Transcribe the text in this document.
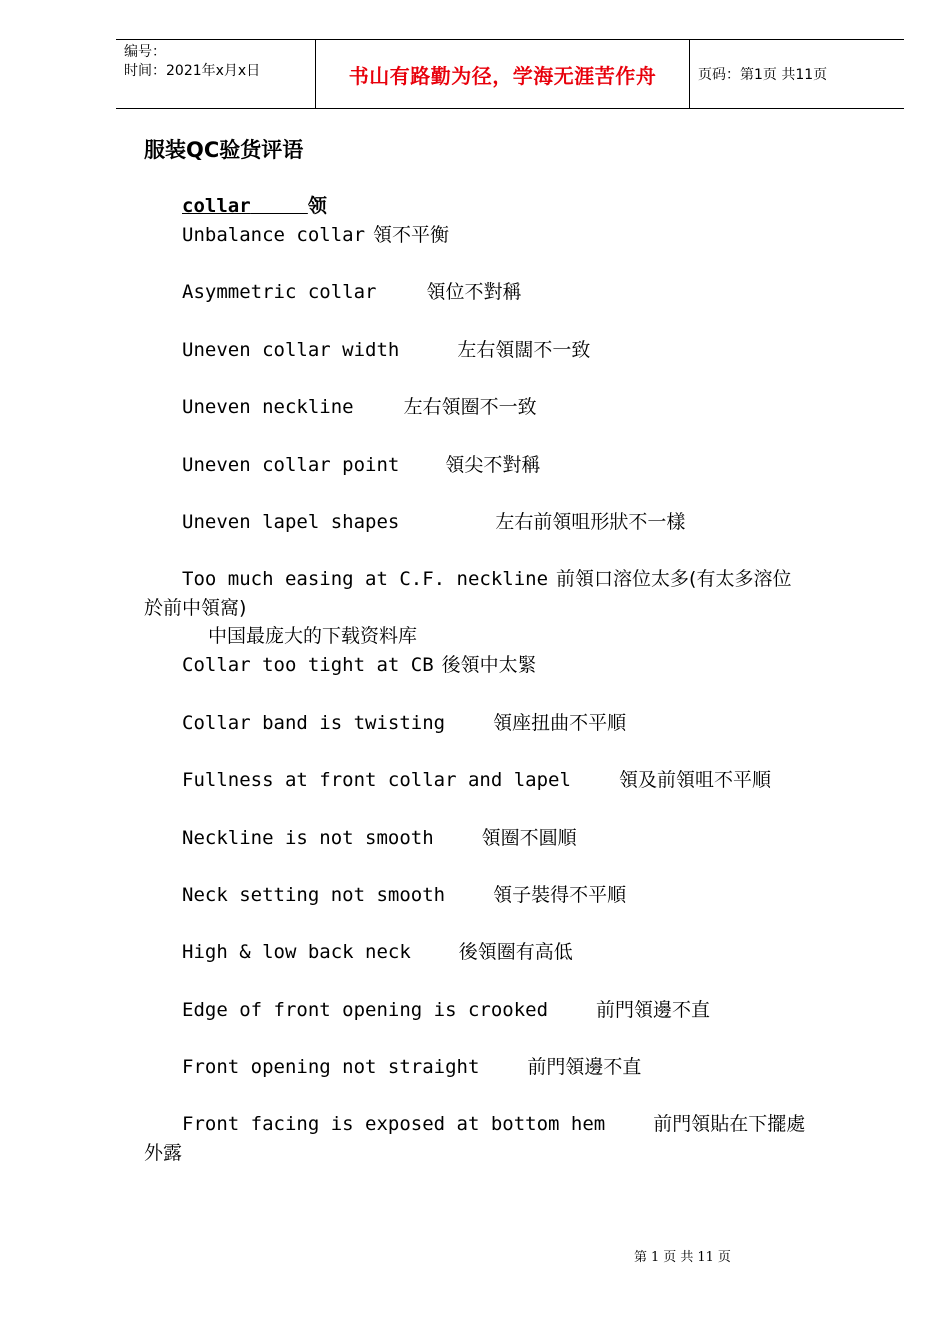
编号：
时间：2021年x月x日	书山有路勤为径，学海无涯苦作舟	页码：第1页 共11页
服装QC验货评语
collar	领
Unbalance collar 領不平衡
Asymmetric collar	領位不對稱
Uneven collar width	左右領闊不一致
Uneven neckline	左右領圈不一致
Uneven collar point 領尖不對稱
Uneven lapel shapes	左右前領咀形狀不一樣
Too much easing at C.F. neckline 前領口溶位太多(有太多溶位
於前中領窩)
中国最庞大的下载资料库
Collar too tight at CB 後領中太緊
Collar band is twisting	領座扭曲不平順
Fullness at front collar and lapel	領及前領咀不平順
Neckline is not smooth	領圈不圓順
Neck setting not smooth	領子裝得不平順
High & low back neck	後領圈有高低
Edge of front opening is crooked	前門領邊不直
Front opening not straight	前門領邊不直
Front facing is exposed at bottom hem	前門領貼在下擺處
外露
第 1 页 共 11 页
